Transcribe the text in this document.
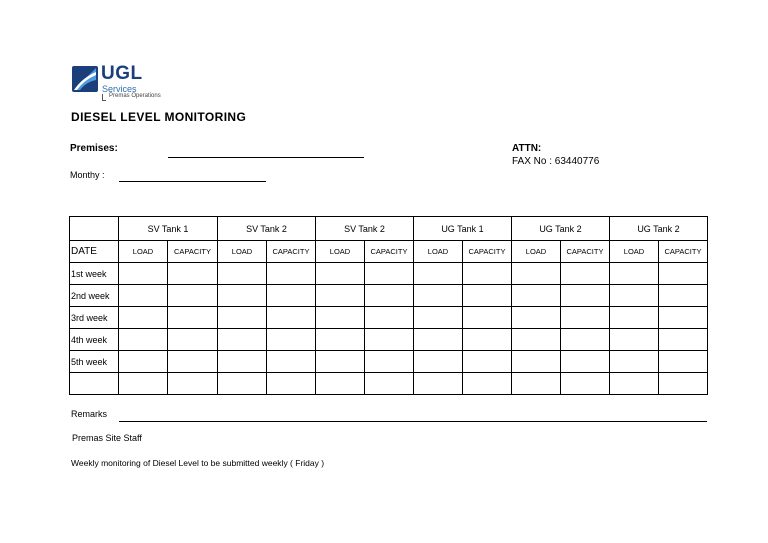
UGL
Services
Premas Operations
DIESEL LEVEL MONITORING
Premises:	ATTN:
FAX No : 63440776
Monthy :
	SV Tank 1		SV Tank 2		SV Tank 2		UG Tank 1		UG Tank 2		UG Tank 2	
DATE	LOAD	CAPACITY	LOAD	CAPACITY	LOAD	CAPACITY	LOAD	CAPACITY	LOAD	CAPACITY	LOAD	CAPACITY
1st week												
2nd week												
3rd week												
4th week												
5th week												

Remarks
Premas Site Staff
Weekly monitoring of Diesel Level to be submitted weekly ( Friday )
